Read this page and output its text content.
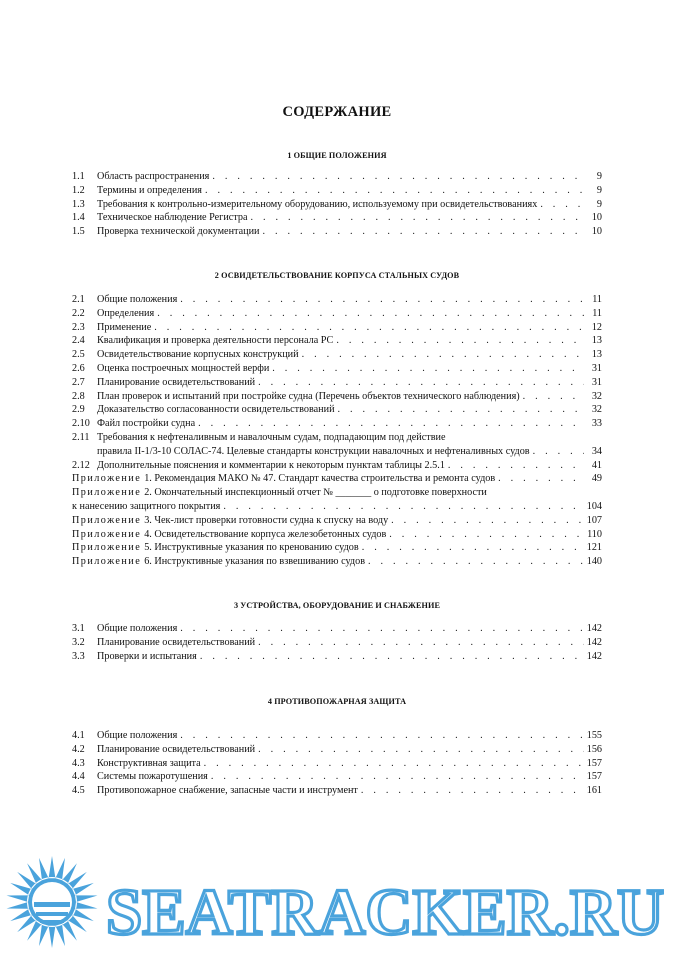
СОДЕРЖАНИЕ
1 ОБЩИЕ ПОЛОЖЕНИЯ
1.1 Область распространения . . .	9
1.2 Термины и определения . . .	9
1.3 Требования к контрольно-измерительному оборудованию, используемому при освидетельствованиях . . .	9
1.4 Техническое наблюдение Регистра . . .	10
1.5 Проверка технической документации . . .	10
2 ОСВИДЕТЕЛЬСТВОВАНИЕ КОРПУСА СТАЛЬНЫХ СУДОВ
2.1 Общие положения . . .	11
2.2 Определения . . .	11
2.3 Применение . . .	12
2.4 Квалификация и проверка деятельности персонала РС . . .	13
2.5 Освидетельствование корпусных конструкций . . .	13
2.6 Оценка построечных мощностей верфи . . .	31
2.7 Планирование освидетельствований . . .	31
2.8 План проверок и испытаний при постройке судна (Перечень объектов технического наблюдения) . . .	32
2.9 Доказательство согласованности освидетельствований . . .	32
2.10 Файл постройки судна . . .	33
2.11 Требования к нефтеналивным и навалочным судам, подпадающим под действие
правила II-1/3-10 СОЛАС-74. Целевые стандарты конструкции навалочных и нефтеналивных судов . . .	34
2.12 Дополнительные пояснения и комментарии к некоторым пунктам таблицы 2.5.1 . . .	41
Приложение 1. Рекомендация МАКО № 47. Стандарт качества строительства и ремонта судов . . .	49
Приложение 2. Окончательный инспекционный отчет № _______ о подготовке поверхности
к нанесению защитного покрытия . . .	104
Приложение 3. Чек-лист проверки готовности судна к спуску на воду . . .	107
Приложение 4. Освидетельствование корпуса железобетонных судов . . .	110
Приложение 5. Инструктивные указания по кренованию судов . . .	121
Приложение 6. Инструктивные указания по взвешиванию судов . . .	140
3 УСТРОЙСТВА, ОБОРУДОВАНИЕ И СНАБЖЕНИЕ
3.1 Общие положения . . .	142
3.2 Планирование освидетельствований . . .	142
3.3 Проверки и испытания . . .	142
4 ПРОТИВОПОЖАРНАЯ ЗАЩИТА
4.1 Общие положения . . .	155
4.2 Планирование освидетельствований . . .	156
4.3 Конструктивная защита . . .	157
4.4 Системы пожаротушения . . .	157
4.5 Противопожарное снабжение, запасные части и инструмент . . .	161
SEATRACKER.RU
